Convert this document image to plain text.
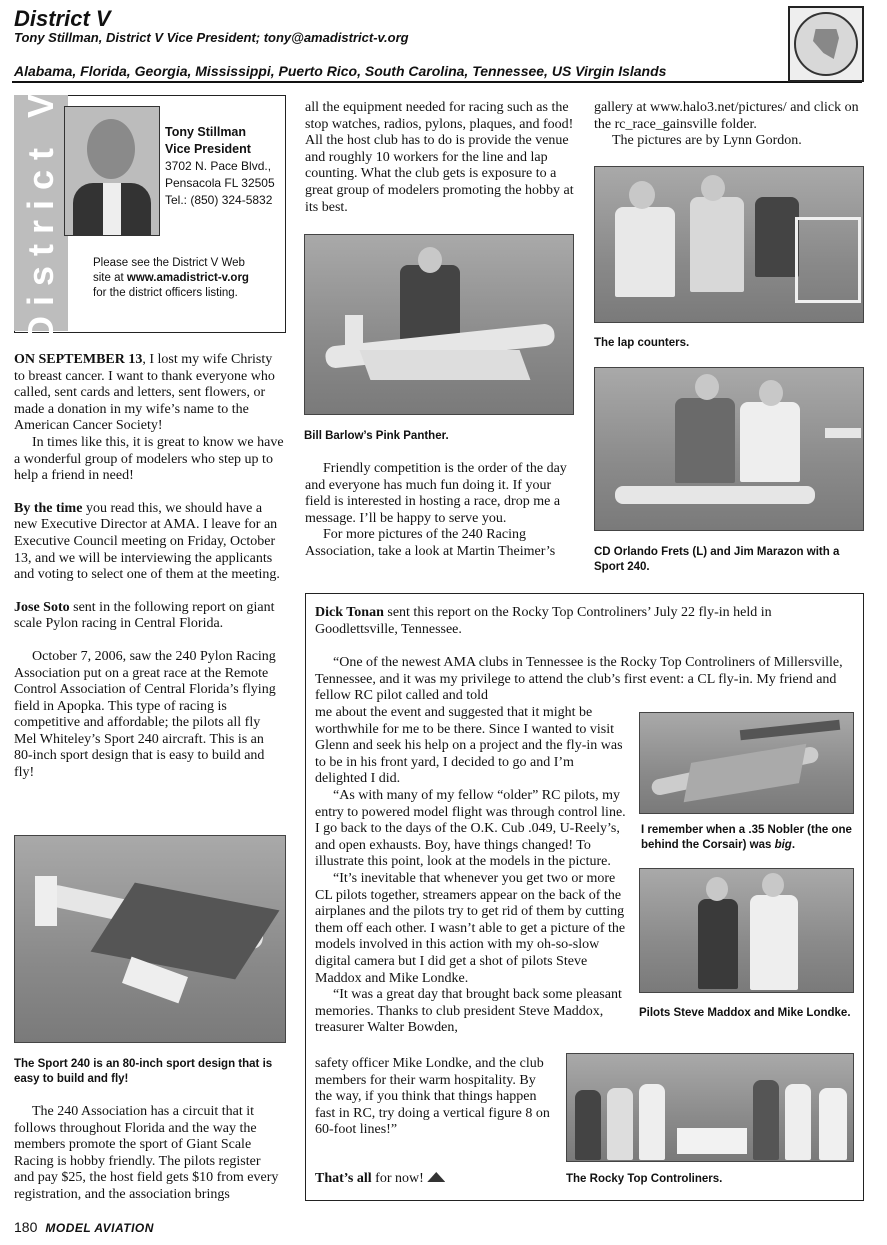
District V
Tony Stillman, District V Vice President; tony@amadistrict-v.org
Alabama, Florida, Georgia, Mississippi, Puerto Rico, South Carolina, Tennessee, US Virgin Islands
District V	Tony Stillman
Vice President
3702 N. Pace Blvd.,
Pensacola FL 32505
Tel.: (850) 324-5832
Please see the District V Web
site at www.amadistrict-v.org
for the district officers listing.

ON SEPTEMBER 13, I lost my wife Christy to breast cancer. I want to thank everyone who called, sent cards and letters, sent flowers, or made a donation in my wife’s name to the American Cancer Society!

In times like this, it is great to know we have a wonderful group of modelers who step up to help a friend in need!

By the time you read this, we should have a new Executive Director at AMA. I leave for an Executive Council meeting on Friday, October 13, and we will be interviewing the applicants and voting to select one of them at the meeting.

Jose Soto sent in the following report on giant scale Pylon racing in Central Florida.

October 7, 2006, saw the 240 Pylon Racing Association put on a great race at the Remote Control Association of Central Florida’s flying field in Apopka. This type of racing is competitive and affordable; the pilots all fly Mel Whiteley’s Sport 240 aircraft. This is an 80-inch sport design that is easy to build and fly!

The Sport 240 is an 80-inch sport design that is easy to build and fly!

The 240 Association has a circuit that it follows throughout Florida and the way the members promote the sport of Giant Scale Racing is hobby friendly. The pilots register and pay $25, the host field gets $10 from every registration, and the association brings

all the equipment needed for racing such as the stop watches, radios, pylons, plaques, and food! All the host club has to do is provide the venue and roughly 10 workers for the line and lap counting. What the club gets is exposure to a great group of modelers promoting the hobby at its best.

Bill Barlow’s Pink Panther.

Friendly competition is the order of the day and everyone has much fun doing it. If your field is interested in hosting a race, drop me a message. I’ll be happy to serve you.

For more pictures of the 240 Racing Association, take a look at Martin Theimer’s

gallery at www.halo3.net/pictures/ and click on the rc_race_gainsville folder.

The pictures are by Lynn Gordon.

The lap counters.
CD Orlando Frets (L) and Jim Marazon with a Sport 240.

Dick Tonan sent this report on the Rocky Top Controliners’ July 22 fly-in held in Goodlettsville, Tennessee.

“One of the newest AMA clubs in Tennessee is the Rocky Top Controliners of Millersville, Tennessee, and it was my privilege to attend the club’s first event: a CL fly-in. My friend and fellow RC pilot called and told

me about the event and suggested that it might be worthwhile for me to be there. Since I wanted to visit Glenn and seek his help on a project and the fly-in was to be in his front yard, I decided to go and I’m delighted I did.

“As with many of my fellow “older” RC pilots, my entry to powered model flight was through control line. I go back to the days of the O.K. Cub .049, U-Reely’s, and open exhausts. Boy, have things changed! To illustrate this point, look at the models in the picture.

“It’s inevitable that whenever you get two or more CL pilots together, streamers appear on the back of the airplanes and the pilots try to get rid of them by cutting them off each other. I wasn’t able to get a picture of the models involved in this action with my oh-so-slow digital camera but I did get a shot of pilots Steve Maddox and Mike Londke.

“It was a great day that brought back some pleasant memories. Thanks to club president Steve Maddox, treasurer Walter Bowden,

safety officer Mike Londke, and the club members for their warm hospitality. By the way, if you think that things happen fast in RC, try doing a vertical figure 8 on 60-foot lines!”

That’s all for now!

I remember when a .35 Nobler (the one behind the Corsair) was big.
Pilots Steve Maddox and Mike Londke.
The Rocky Top Controliners.
180 MODEL AVIATION
